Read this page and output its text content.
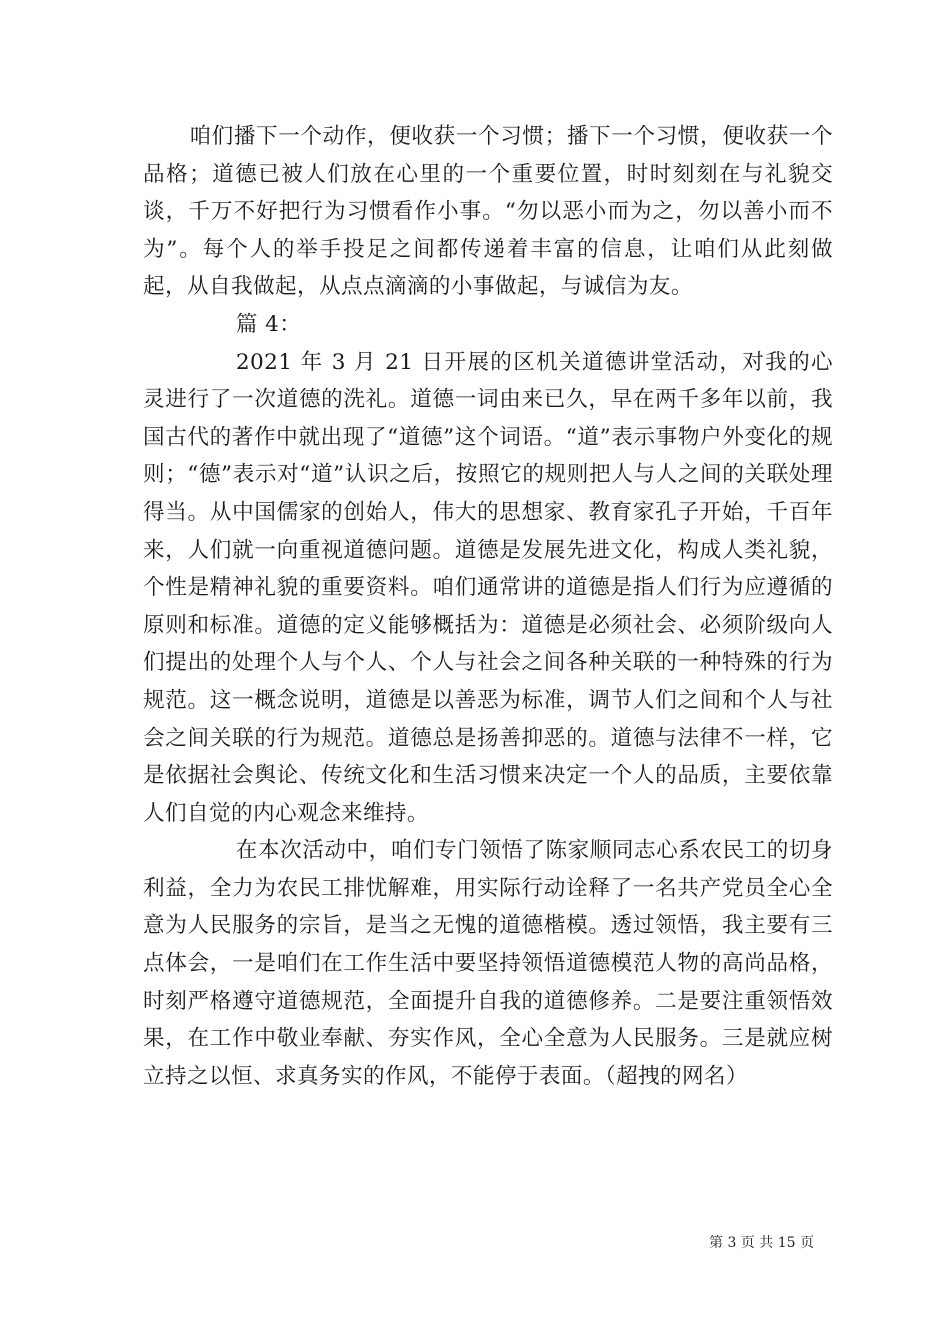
咱们播下一个动作，便收获一个习惯；播下一个习惯，便收获一个品格；道德已被人们放在心里的一个重要位置，时时刻刻在与礼貌交谈，千万不好把行为习惯看作小事。“勿以恶小而为之，勿以善小而不为”。每个人的举手投足之间都传递着丰富的信息，让咱们从此刻做起，从自我做起，从点点滴滴的小事做起，与诚信为友。

篇 4：

2021 年 3 月 21 日开展的区机关道德讲堂活动，对我的心灵进行了一次道德的洗礼。道德一词由来已久，早在两千多年以前，我国古代的著作中就出现了“道德”这个词语。“道”表示事物户外变化的规则；“德”表示对“道”认识之后，按照它的规则把人与人之间的关联处理得当。从中国儒家的创始人，伟大的思想家、教育家孔子开始，千百年来，人们就一向重视道德问题。道德是发展先进文化，构成人类礼貌，个性是精神礼貌的重要资料。咱们通常讲的道德是指人们行为应遵循的原则和标准。道德的定义能够概括为：道德是必须社会、必须阶级向人们提出的处理个人与个人、个人与社会之间各种关联的一种特殊的行为规范。这一概念说明，道德是以善恶为标准，调节人们之间和个人与社会之间关联的行为规范。道德总是扬善抑恶的。道德与法律不一样，它是依据社会舆论、传统文化和生活习惯来决定一个人的品质，主要依靠人们自觉的内心观念来维持。

在本次活动中，咱们专门领悟了陈家顺同志心系农民工的切身利益，全力为农民工排忧解难，用实际行动诠释了一名共产党员全心全意为人民服务的宗旨，是当之无愧的道德楷模。透过领悟，我主要有三点体会，一是咱们在工作生活中要坚持领悟道德模范人物的高尚品格，时刻严格遵守道德规范，全面提升自我的道德修养。二是要注重领悟效果，在工作中敬业奉献、夯实作风，全心全意为人民服务。三是就应树立持之以恒、求真务实的作风，不能停于表面。（超拽的网名）

第 3 页 共 15 页
